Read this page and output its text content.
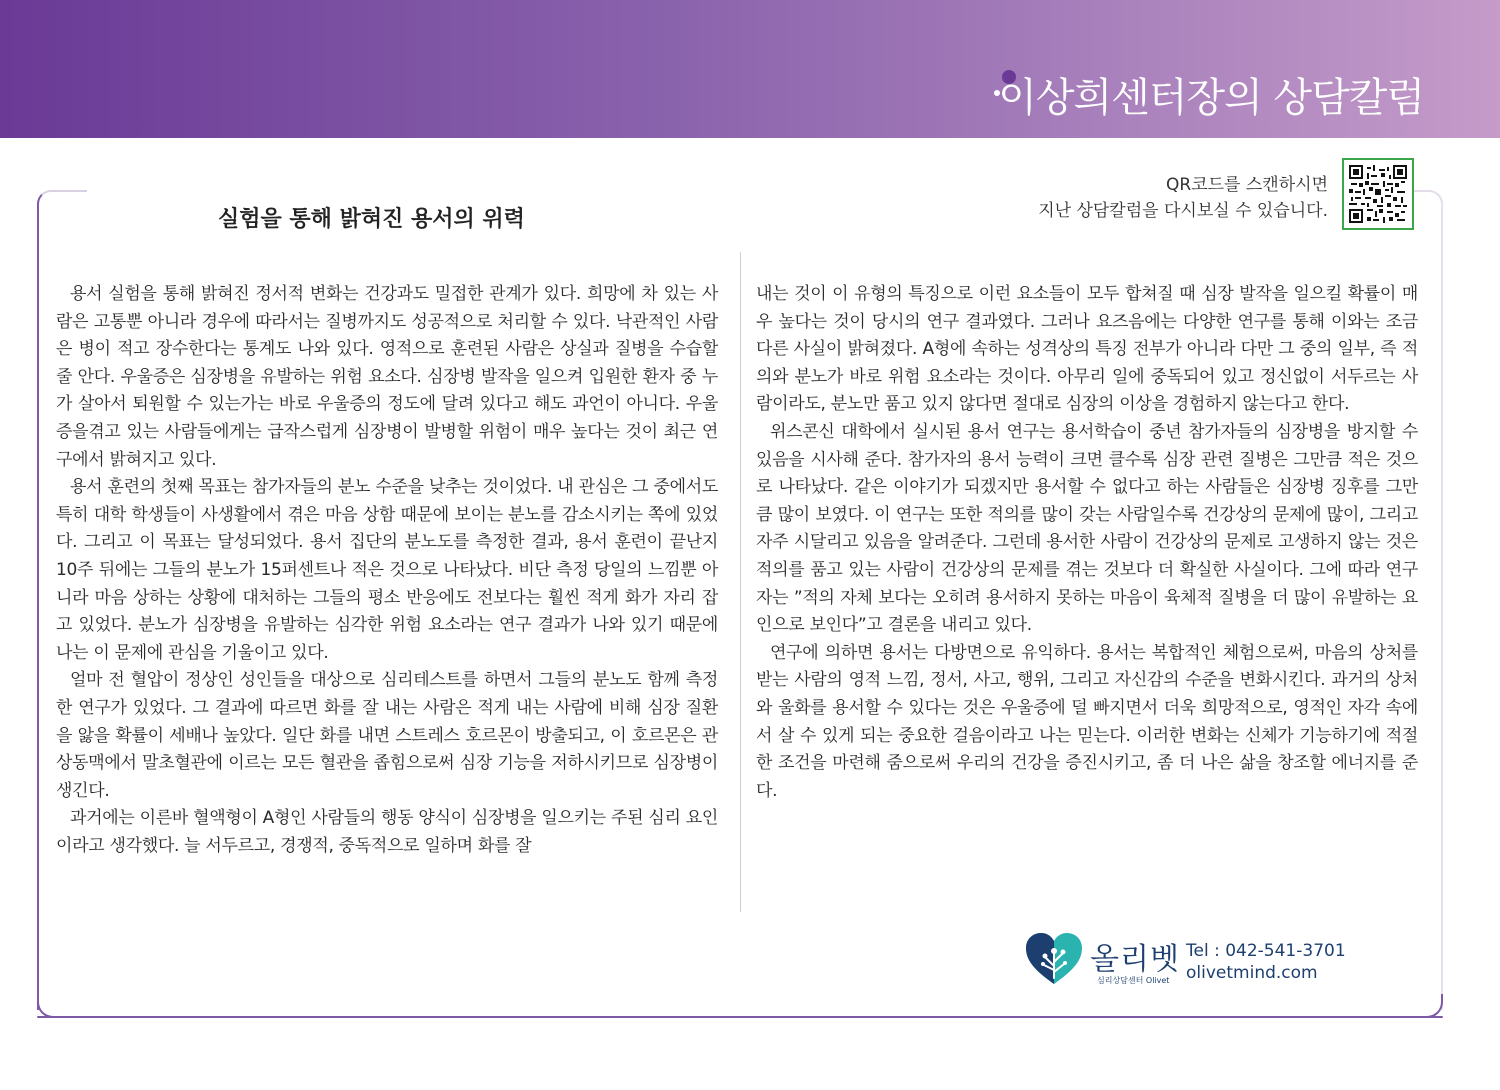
이상희센터장의 상담칼럼
실험을 통해 밝혀진 용서의 위력
QR코드를 스캔하시면
지난 상담칼럼을 다시보실 수 있습니다.

용서 실험을 통해 밝혀진 정서적 변화는 건강과도 밀접한 관계가 있다. 희망에 차 있는 사람은 고통뿐 아니라 경우에 따라서는 질병까지도 성공적으로 처리할 수 있다. 낙관적인 사람은 병이 적고 장수한다는 통계도 나와 있다. 영적으로 훈련된 사람은 상실과 질병을 수습할 줄 안다. 우울증은 심장병을 유발하는 위험 요소다. 심장병 발작을 일으켜 입원한 환자 중 누가 살아서 퇴원할 수 있는가는 바로 우울증의 정도에 달려 있다고 해도 과언이 아니다. 우울증을겪고 있는 사람들에게는 급작스럽게 심장병이 발병할 위험이 매우 높다는 것이 최근 연구에서 밝혀지고 있다.

용서 훈련의 첫째 목표는 참가자들의 분노 수준을 낮추는 것이었다. 내 관심은 그 중에서도 특히 대학 학생들이 사생활에서 겪은 마음 상함 때문에 보이는 분노를 감소시키는 쪽에 있었다. 그리고 이 목표는 달성되었다. 용서 집단의 분노도를 측정한 결과, 용서 훈련이 끝난지 10주 뒤에는 그들의 분노가 15퍼센트나 적은 것으로 나타났다. 비단 측정 당일의 느낌뿐 아니라 마음 상하는 상황에 대처하는 그들의 평소 반응에도 전보다는 훨씬 적게 화가 자리 잡고 있었다. 분노가 심장병을 유발하는 심각한 위험 요소라는 연구 결과가 나와 있기 때문에 나는 이 문제에 관심을 기울이고 있다.

얼마 전 혈압이 정상인 성인들을 대상으로 심리테스트를 하면서 그들의 분노도 함께 측정한 연구가 있었다. 그 결과에 따르면 화를 잘 내는 사람은 적게 내는 사람에 비해 심장 질환을 앓을 확률이 세배나 높았다. 일단 화를 내면 스트레스 호르몬이 방출되고, 이 호르몬은 관상동맥에서 말초혈관에 이르는 모든 혈관을 좁힘으로써 심장 기능을 저하시키므로 심장병이 생긴다.

과거에는 이른바 혈액형이 A형인 사람들의 행동 양식이 심장병을 일으키는 주된 심리 요인이라고 생각했다. 늘 서두르고, 경쟁적, 중독적으로 일하며 화를 잘

내는 것이 이 유형의 특징으로 이런 요소들이 모두 합쳐질 때 심장 발작을 일으킬 확률이 매우 높다는 것이 당시의 연구 결과였다. 그러나 요즈음에는 다양한 연구를 통해 이와는 조금 다른 사실이 밝혀졌다. A형에 속하는 성격상의 특징 전부가 아니라 다만 그 중의 일부, 즉 적의와 분노가 바로 위험 요소라는 것이다. 아무리 일에 중독되어 있고 정신없이 서두르는 사람이라도, 분노만 품고 있지 않다면 절대로 심장의 이상을 경험하지 않는다고 한다.

위스콘신 대학에서 실시된 용서 연구는 용서학습이 중년 참가자들의 심장병을 방지할 수 있음을 시사해 준다. 참가자의 용서 능력이 크면 클수록 심장 관련 질병은 그만큼 적은 것으로 나타났다. 같은 이야기가 되겠지만 용서할 수 없다고 하는 사람들은 심장병 징후를 그만큼 많이 보였다. 이 연구는 또한 적의를 많이 갖는 사람일수록 건강상의 문제에 많이, 그리고 자주 시달리고 있음을 알려준다. 그런데 용서한 사람이 건강상의 문제로 고생하지 않는 것은 적의를 품고 있는 사람이 건강상의 문제를 겪는 것보다 더 확실한 사실이다. 그에 따라 연구자는 ”적의 자체 보다는 오히려 용서하지 못하는 마음이 육체적 질병을 더 많이 유발하는 요인으로 보인다”고 결론을 내리고 있다.

연구에 의하면 용서는 다방면으로 유익하다. 용서는 복합적인 체험으로써, 마음의 상처를 받는 사람의 영적 느낌, 정서, 사고, 행위, 그리고 자신감의 수준을 변화시킨다. 과거의 상처와 울화를 용서할 수 있다는 것은 우울증에 덜 빠지면서 더욱 희망적으로, 영적인 자각 속에서 살 수 있게 되는 중요한 걸음이라고 나는 믿는다. 이러한 변화는 신체가 기능하기에 적절한 조건을 마련해 줌으로써 우리의 건강을 증진시키고, 좀 더 나은 삶을 창조할 에너지를 준다.

올리벳
심리상담센터 Olivet
Tel : 042-541-3701
olivetmind.com
